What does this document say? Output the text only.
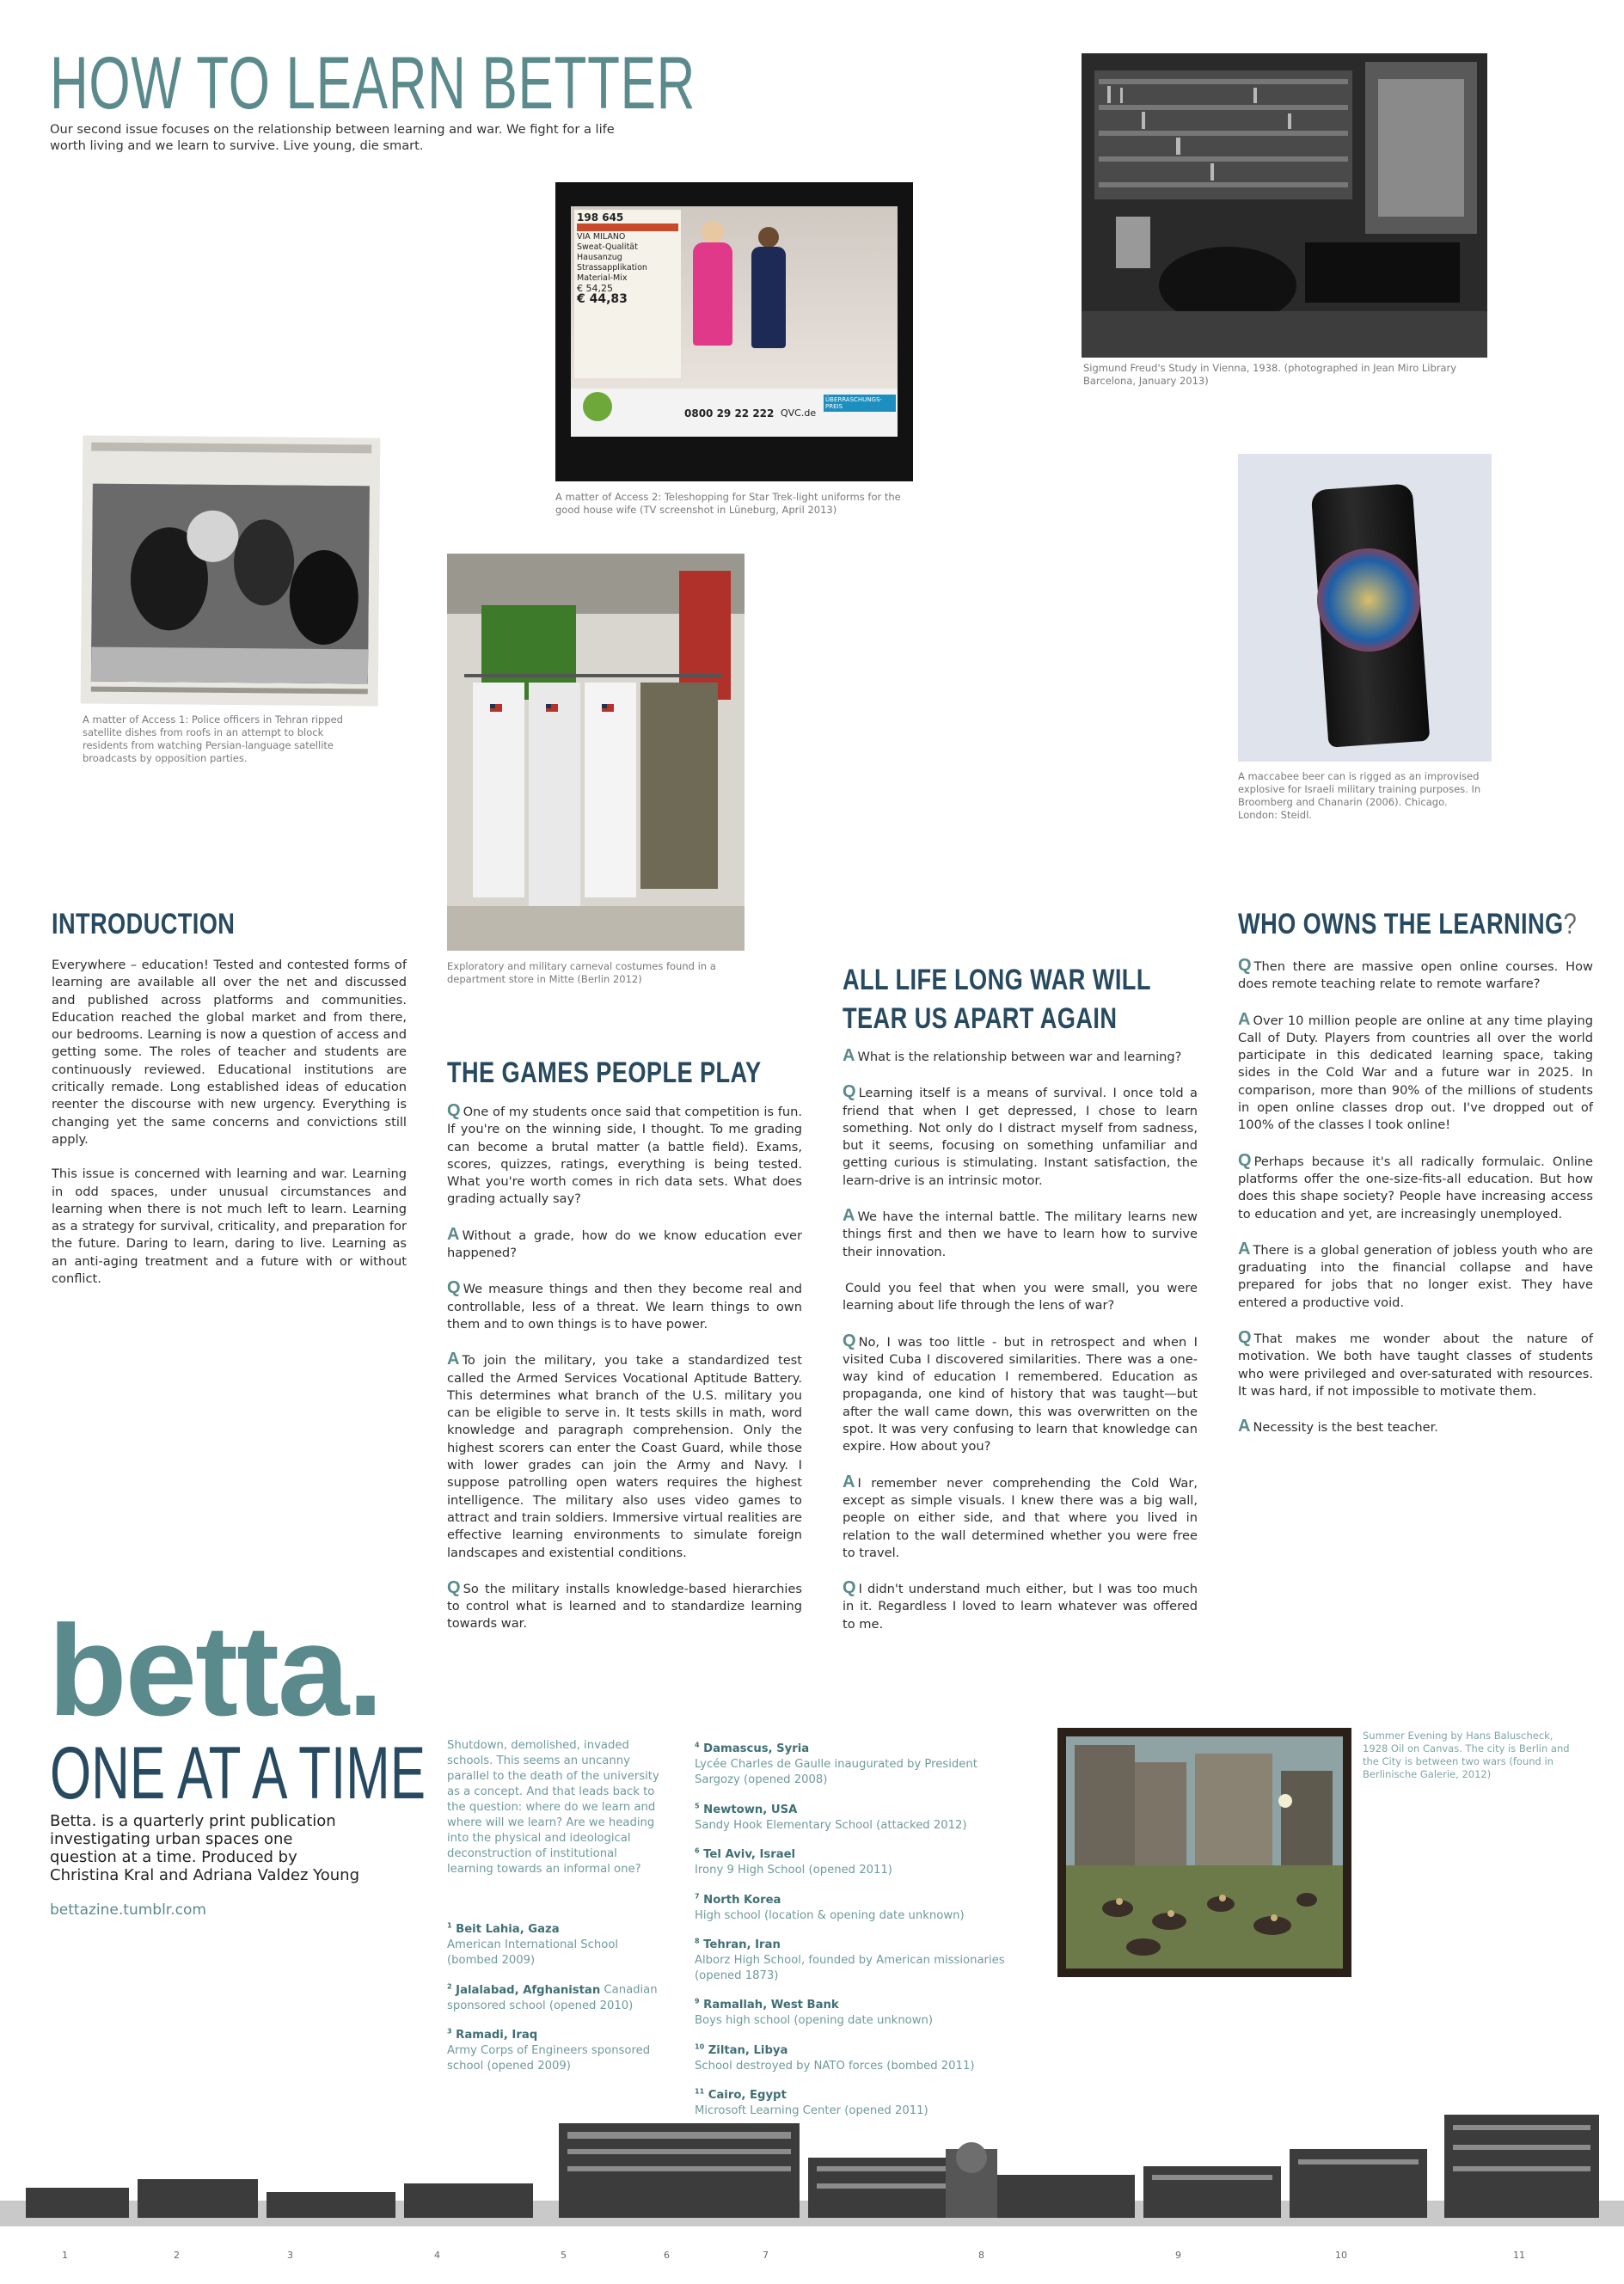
HOW TO LEARN BETTER
Our second issue focuses on the relationship between learning and war. We fight for a life worth living and we learn to survive. Live young, die smart.
Sigmund Freud's Study in Vienna, 1938. (photographed in Jean Miro Library Barcelona, January 2013)
198 645
VIA MILANO
Sweat-Qualität
Hausanzug
Strassapplikation
Material-Mix
€ 54,25
€ 44,83
0800 29 22 222 QVC.de
ÜBERRASCHUNGS-PREIS
A matter of Access 2: Teleshopping for Star Trek-light uniforms for the good house wife (TV screenshot in Lüneburg, April 2013)
A matter of Access 1: Police officers in Tehran ripped satellite dishes from roofs in an attempt to block residents from watching Persian-language satellite broadcasts by opposition parties.
A maccabee beer can is rigged as an improvised explosive for Israeli military training purposes. In Broomberg and Chanarin (2006). Chicago. London: Steidl.
Exploratory and military carneval costumes found in a department store in Mitte (Berlin 2012)
INTRODUCTION

Everywhere – education! Tested and contested forms of learning are available all over the net and discussed and published across platforms and communities. Education reached the global market and from there, our bedrooms. Learning is now a question of access and getting some. The roles of teacher and students are continuously reviewed. Educational institutions are critically remade. Long established ideas of education reenter the discourse with new urgency. Everything is changing yet the same concerns and convictions still apply.

This issue is concerned with learning and war. Learning in odd spaces, under unusual circumstances and learning when there is not much left to learn. Learning as a strategy for survival, criticality, and preparation for the future. Daring to learn, daring to live. Learning as an anti-aging treatment and a future with or without conflict.

THE GAMES PEOPLE PLAY

Q One of my students once said that competition is fun. If you're on the winning side, I thought. To me grading can become a brutal matter (a battle field). Exams, scores, quizzes, ratings, everything is being tested. What you're worth comes in rich data sets. What does grading actually say?

A Without a grade, how do we know education ever happened?

Q We measure things and then they become real and controllable, less of a threat. We learn things to own them and to own things is to have power.

A To join the military, you take a standardized test called the Armed Services Vocational Aptitude Battery. This determines what branch of the U.S. military you can be eligible to serve in. It tests skills in math, word knowledge and paragraph comprehension. Only the highest scorers can enter the Coast Guard, while those with lower grades can join the Army and Navy. I suppose patrolling open waters requires the highest intelligence. The military also uses video games to attract and train soldiers. Immersive virtual realities are effective learning environments to simulate foreign landscapes and existential conditions.

Q So the military installs knowledge-based hierarchies to control what is learned and to standardize learning towards war.

ALL LIFE LONG WAR WILL
TEAR US APART AGAIN

A What is the relationship between war and learning?

Q Learning itself is a means of survival. I once told a friend that when I get depressed, I chose to learn something. Not only do I distract myself from sadness, but it seems, focusing on something unfamiliar and getting curious is stimulating. Instant satisfaction, the learn-drive is an intrinsic motor.

A We have the internal battle. The military learns new things first and then we have to learn how to survive their innovation.

Could you feel that when you were small, you were learning about life through the lens of war?

Q No, I was too little - but in retrospect and when I visited Cuba I discovered similarities. There was a one-way kind of education I remembered. Education as propaganda, one kind of history that was taught—but after the wall came down, this was overwritten on the spot. It was very confusing to learn that knowledge can expire. How about you?

A I remember never comprehending the Cold War, except as simple visuals. I knew there was a big wall, people on either side, and that where you lived in relation to the wall determined whether you were free to travel.

Q I didn't understand much either, but I was too much in it. Regardless I loved to learn whatever was offered to me.

WHO OWNS THE LEARNING?

Q Then there are massive open online courses. How does remote teaching relate to remote warfare?

A Over 10 million people are online at any time playing Call of Duty. Players from countries all over the world participate in this dedicated learning space, taking sides in the Cold War and a future war in 2025. In comparison, more than 90% of the millions of students in open online classes drop out. I've dropped out of 100% of the classes I took online!

Q Perhaps because it's all radically formulaic. Online platforms offer the one-size-fits-all education. But how does this shape society? People have increasing access to education and yet, are increasingly unemployed.

A There is a global generation of jobless youth who are graduating into the financial collapse and have prepared for jobs that no longer exist. They have entered a productive void.

Q That makes me wonder about the nature of motivation. We both have taught classes of students who were privileged and over-saturated with resources. It was hard, if not impossible to motivate them.

A Necessity is the best teacher.

betta.
ONE AT A TIME
Betta. is a quarterly print publication investigating urban spaces one question at a time. Produced by Christina Kral and Adriana Valdez Young
bettazine.tumblr.com
Shutdown, demolished, invaded schools. This seems an uncanny parallel to the death of the university as a concept. And that leads back to the question: where do we learn and where will we learn? Are we heading into the physical and ideological deconstruction of institutional learning towards an informal one?
$^1$ Beit Lahia, Gaza
American International School (bombed 2009)
$^2$ Jalalabad, Afghanistan Canadian sponsored school (opened 2010)
$^3$ Ramadi, Iraq
Army Corps of Engineers sponsored school (opened 2009)
$^4$ Damascus, Syria
Lycée Charles de Gaulle inaugurated by President Sargozy (opened 2008)
$^5$ Newtown, USA
Sandy Hook Elementary School (attacked 2012)
$^6$ Tel Aviv, Israel
Irony 9 High School (opened 2011)
$^7$ North Korea
High school (location & opening date unknown)
$^8$ Tehran, Iran
Alborz High School, founded by American missionaries (opened 1873)
$^9$ Ramallah, West Bank
Boys high school (opening date unknown)
$^{10}$ Ziltan, Libya
School destroyed by NATO forces (bombed 2011)
$^{11}$ Cairo, Egypt
Microsoft Learning Center (opened 2011)
Summer Evening by Hans Baluscheck, 1928 Oil on Canvas. The city is Berlin and the City is between two wars (found in Berlinische Galerie, 2012)
1	2	3	4	5	6	7	8	9	10	11
